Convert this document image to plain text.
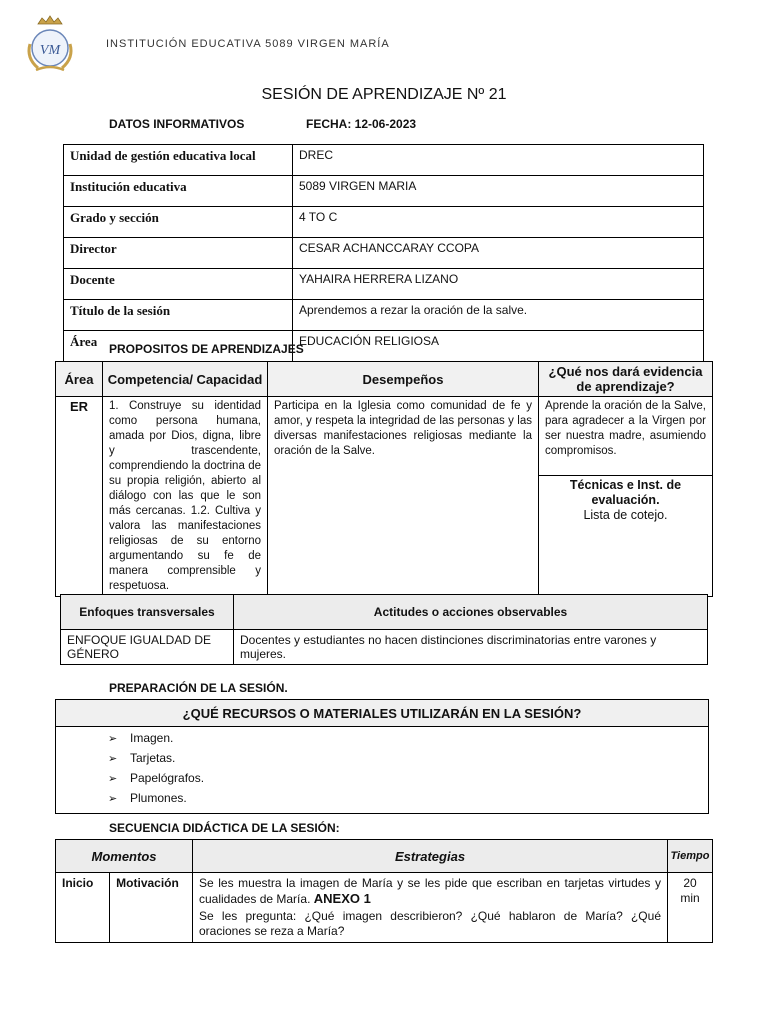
VM	INSTITUCIÓN EDUCATIVA 5089 VIRGEN MARÍA
SESIÓN DE APRENDIZAJE Nº 21
DATOS INFORMATIVOS	FECHA: 12-06-2023
Unidad de gestión educativa local	DREC
Institución educativa	5089 VIRGEN MARIA
Grado y sección	4 TO C
Director	CESAR ACHANCCARAY CCOPA
Docente	YAHAIRA HERRERA LIZANO
Título de la sesión	Aprendemos a rezar la oración de la salve.
Área	EDUCACIÓN RELIGIOSA
PROPOSITOS DE APRENDIZAJES
Área	Competencia/ Capacidad	Desempeños	¿Qué nos dará evidencia de aprendizaje?
ER	1. Construye su identidad como persona humana, amada por Dios, digna, libre y trascendente, comprendiendo la doctrina de su propia religión, abierto al diálogo con las que le son más cercanas. 1.2. Cultiva y valora las manifestaciones religiosas de su entorno argumentando su fe de manera comprensible y respetuosa.	Participa en la Iglesia como comunidad de fe y amor, y respeta la integridad de las personas y las diversas manifestaciones religiosas mediante la oración de la Salve.	Aprende la oración de la Salve, para agradecer a la Virgen por ser nuestra madre, asumiendo compromisos.

			Técnicas e Inst. de evaluación.
Lista de cotejo.
Enfoques transversales	Actitudes o acciones observables
ENFOQUE IGUALDAD DE GÉNERO	Docentes y estudiantes no hacen distinciones discriminatorias entre varones y mujeres.
PREPARACIÓN DE LA SESIÓN.
¿QUÉ RECURSOS O MATERIALES UTILIZARÁN EN LA SESIÓN?

➢ Imagen.
➢ Tarjetas.
➢ Papelógrafos.
➢ Plumones.
SECUENCIA DIDÁCTICA DE LA SESIÓN:
Momentos		Estrategias	Tiempo
Inicio	Motivación	Se les muestra la imagen de María y se les pide que escriban en tarjetas virtudes y cualidades de María. ANEXO 1
Se les pregunta: ¿Qué imagen describieron? ¿Qué hablaron de María? ¿Qué oraciones se reza a María?	20 min
